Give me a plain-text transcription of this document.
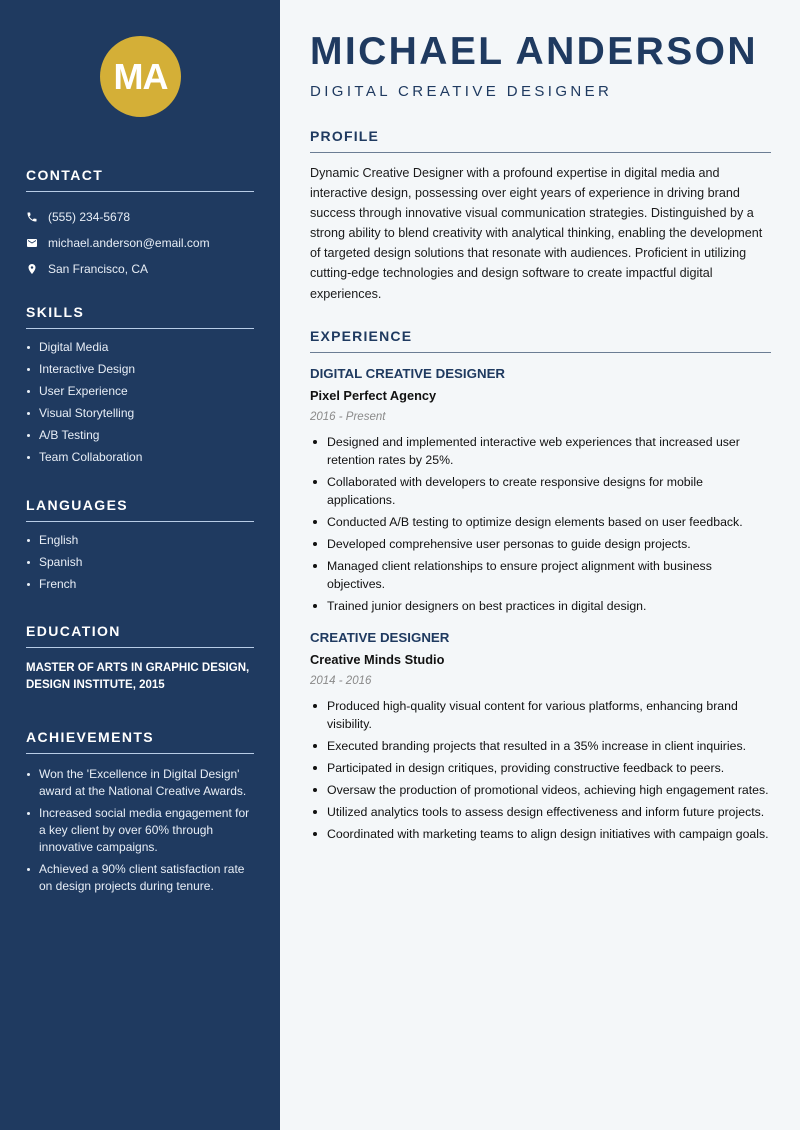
MA
CONTACT
(555) 234-5678
michael.anderson@email.com
San Francisco, CA
SKILLS
Digital Media
Interactive Design
User Experience
Visual Storytelling
A/B Testing
Team Collaboration
LANGUAGES
English
Spanish
French
EDUCATION
MASTER OF ARTS IN GRAPHIC DESIGN,
DESIGN INSTITUTE, 2015
ACHIEVEMENTS
Won the 'Excellence in Digital Design' award at the National Creative Awards.
Increased social media engagement for a key client by over 60% through innovative campaigns.
Achieved a 90% client satisfaction rate on design projects during tenure.
MICHAEL ANDERSON
DIGITAL CREATIVE DESIGNER
PROFILE

Dynamic Creative Designer with a profound expertise in digital media and interactive design, possessing over eight years of experience in driving brand success through innovative visual communication strategies. Distinguished by a strong ability to blend creativity with analytical thinking, enabling the development of targeted design solutions that resonate with audiences. Proficient in utilizing cutting-edge technologies and design software to create impactful digital experiences.

EXPERIENCE
DIGITAL CREATIVE DESIGNER
Pixel Perfect Agency
2016 - Present
Designed and implemented interactive web experiences that increased user retention rates by 25%.
Collaborated with developers to create responsive designs for mobile applications.
Conducted A/B testing to optimize design elements based on user feedback.
Developed comprehensive user personas to guide design projects.
Managed client relationships to ensure project alignment with business objectives.
Trained junior designers on best practices in digital design.
CREATIVE DESIGNER
Creative Minds Studio
2014 - 2016
Produced high-quality visual content for various platforms, enhancing brand visibility.
Executed branding projects that resulted in a 35% increase in client inquiries.
Participated in design critiques, providing constructive feedback to peers.
Oversaw the production of promotional videos, achieving high engagement rates.
Utilized analytics tools to assess design effectiveness and inform future projects.
Coordinated with marketing teams to align design initiatives with campaign goals.
